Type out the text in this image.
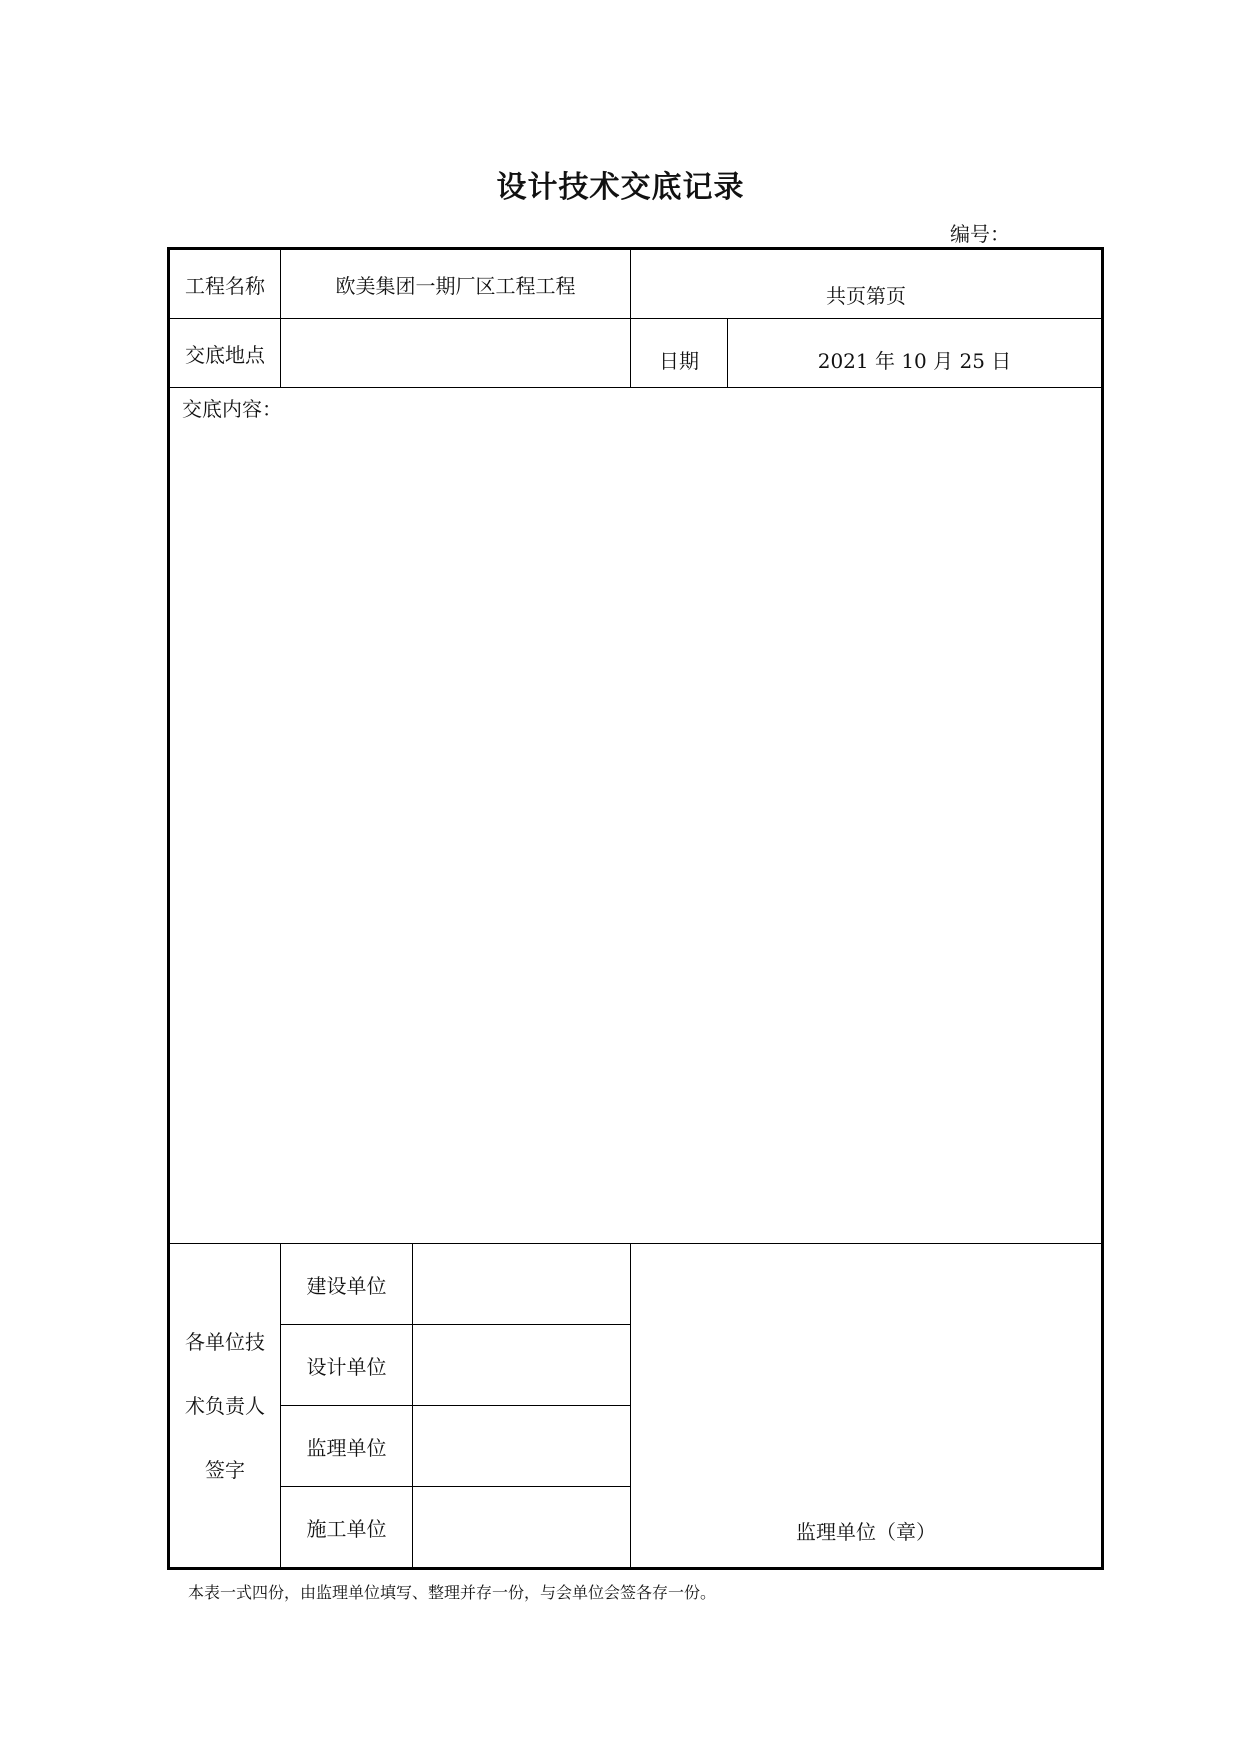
设计技术交底记录
编号：
工程名称	欧美集团一期厂区工程工程		共页第页	

交底地点			日期	2021 年 10 月 25 日

交底内容：				

各单位技
术负责人
签字	建设单位		监理单位（章）	

	设计单位			
	监理单位			
	施工单位			
本表一式四份，由监理单位填写、整理并存一份，与会单位会签各存一份。
